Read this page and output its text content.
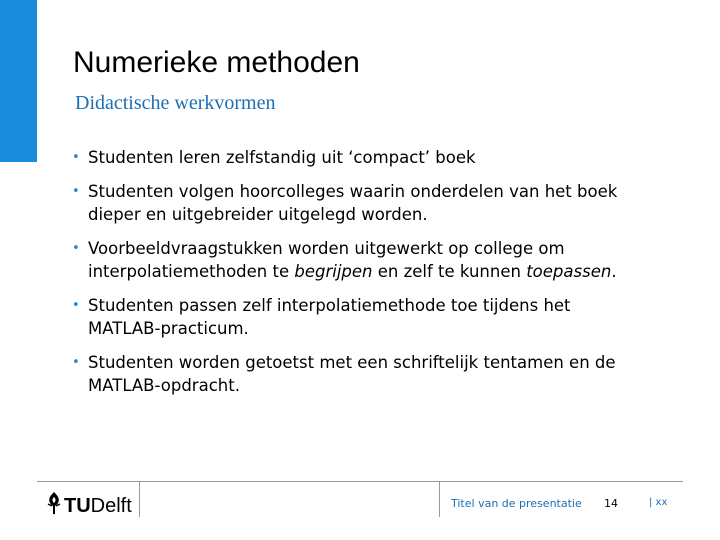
Numerieke methoden
Didactische werkvormen
• Studenten leren zelfstandig uit ‘compact’ boek
• Studenten volgen hoorcolleges waarin onderdelen van het boek
dieper en uitgebreider uitgelegd worden.
• Voorbeeldvraagstukken worden uitgewerkt op college om
interpolatiemethoden te begrijpen en zelf te kunnen toepassen.
• Studenten passen zelf interpolatiemethode toe tijdens het
MATLAB-practicum.
• Studenten worden getoetst met een schriftelijk tentamen en de
MATLAB-opdracht.
TU Delft	Titel van de presentatie 14	| xx
